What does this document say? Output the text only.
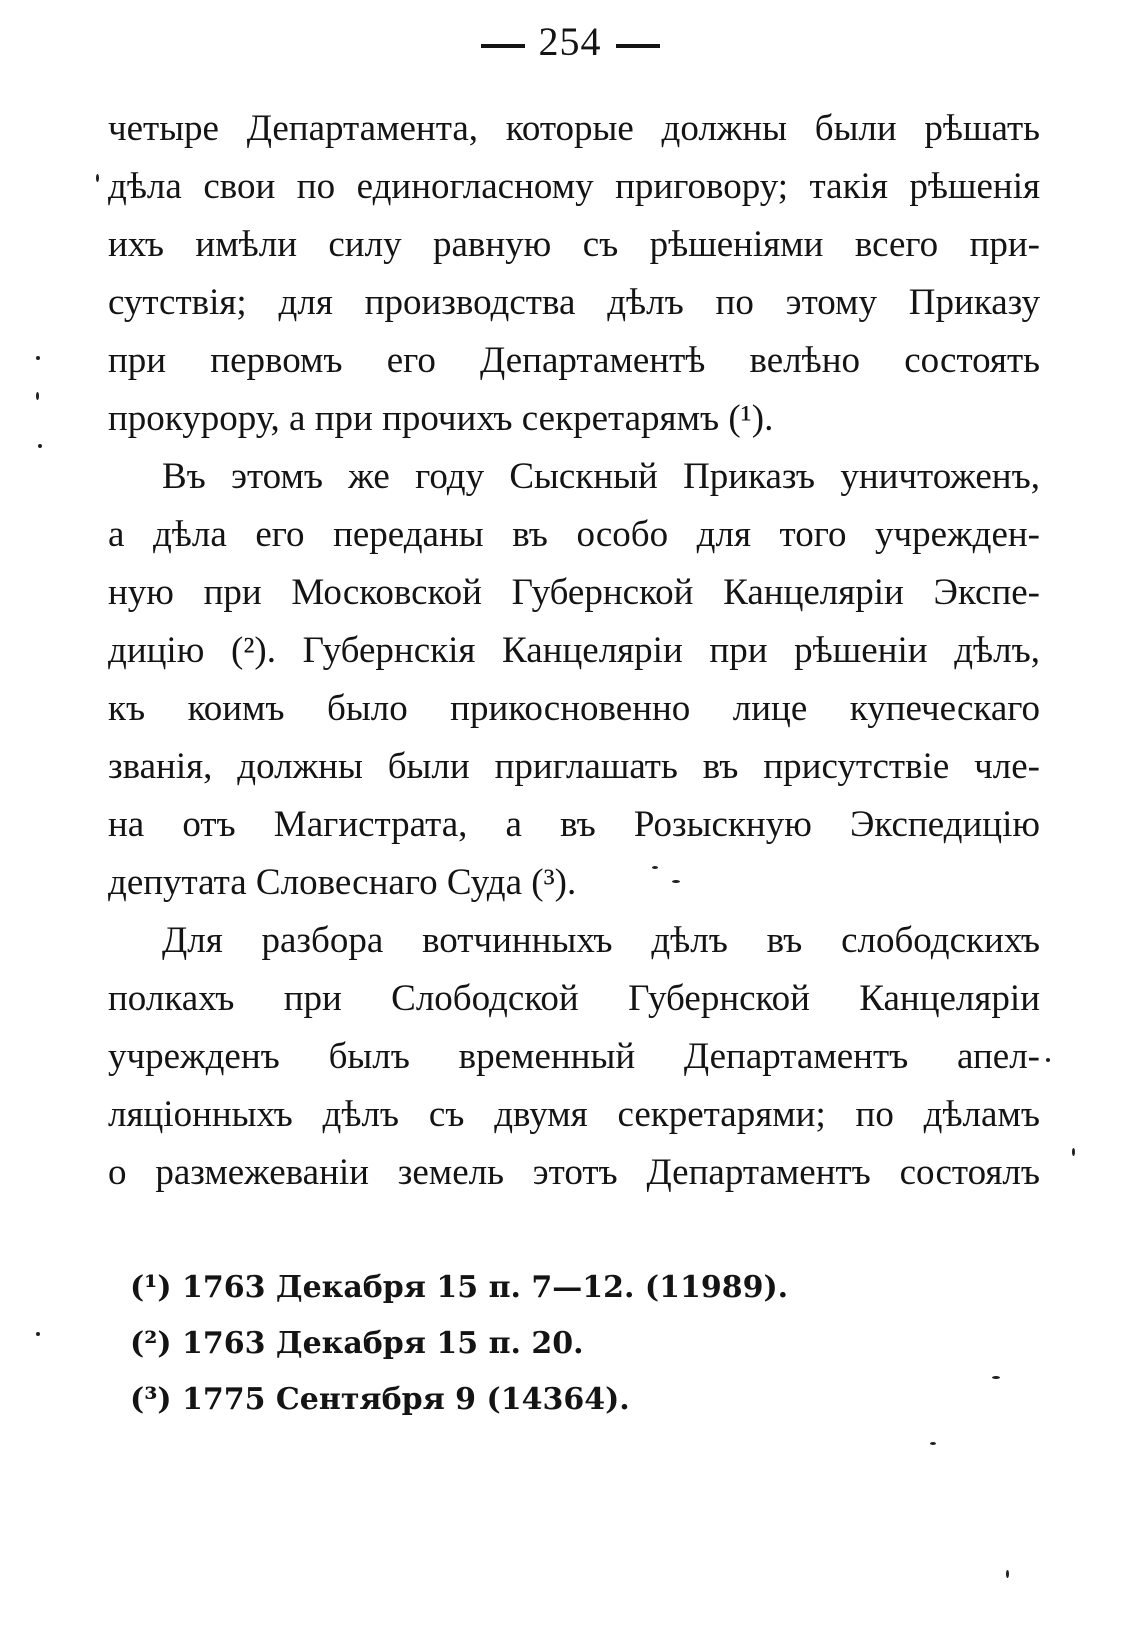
254
четыре Департамента, которые должны были рѣшать
дѣла свои по единогласному приговору; такія рѣшенія
ихъ имѣли силу равную съ рѣшеніями всего при-
сутствія; для производства дѣлъ по этому Приказу
при первомъ его Департаментѣ велѣно состоять
прокурору, а при прочихъ секретарямъ (¹).
Въ этомъ же году Сыскный Приказъ уничтоженъ,
а дѣла его переданы въ особо для того учрежден-
ную при Московской Губернской Канцеляріи Экспе-
дицію (²). Губернскія Канцеляріи при рѣшеніи дѣлъ,
къ коимъ было прикосновенно лице купеческаго
званія, должны были приглашать въ присутствіе чле-
на отъ Магистрата, а въ Розыскную Экспедицію
депутата Словеснаго Суда (³).
Для разбора вотчинныхъ дѣлъ въ слободскихъ
полкахъ при Слободской Губернской Канцеляріи
учрежденъ былъ временный Департаментъ апел-
ляціонныхъ дѣлъ съ двумя секретарями; по дѣламъ
о размежеваніи земель этотъ Департаментъ состоялъ
(¹) 1763 Декабря 15 п. 7—12. (11989).
(²) 1763 Декабря 15 п. 20.
(³) 1775 Сентября 9 (14364).
